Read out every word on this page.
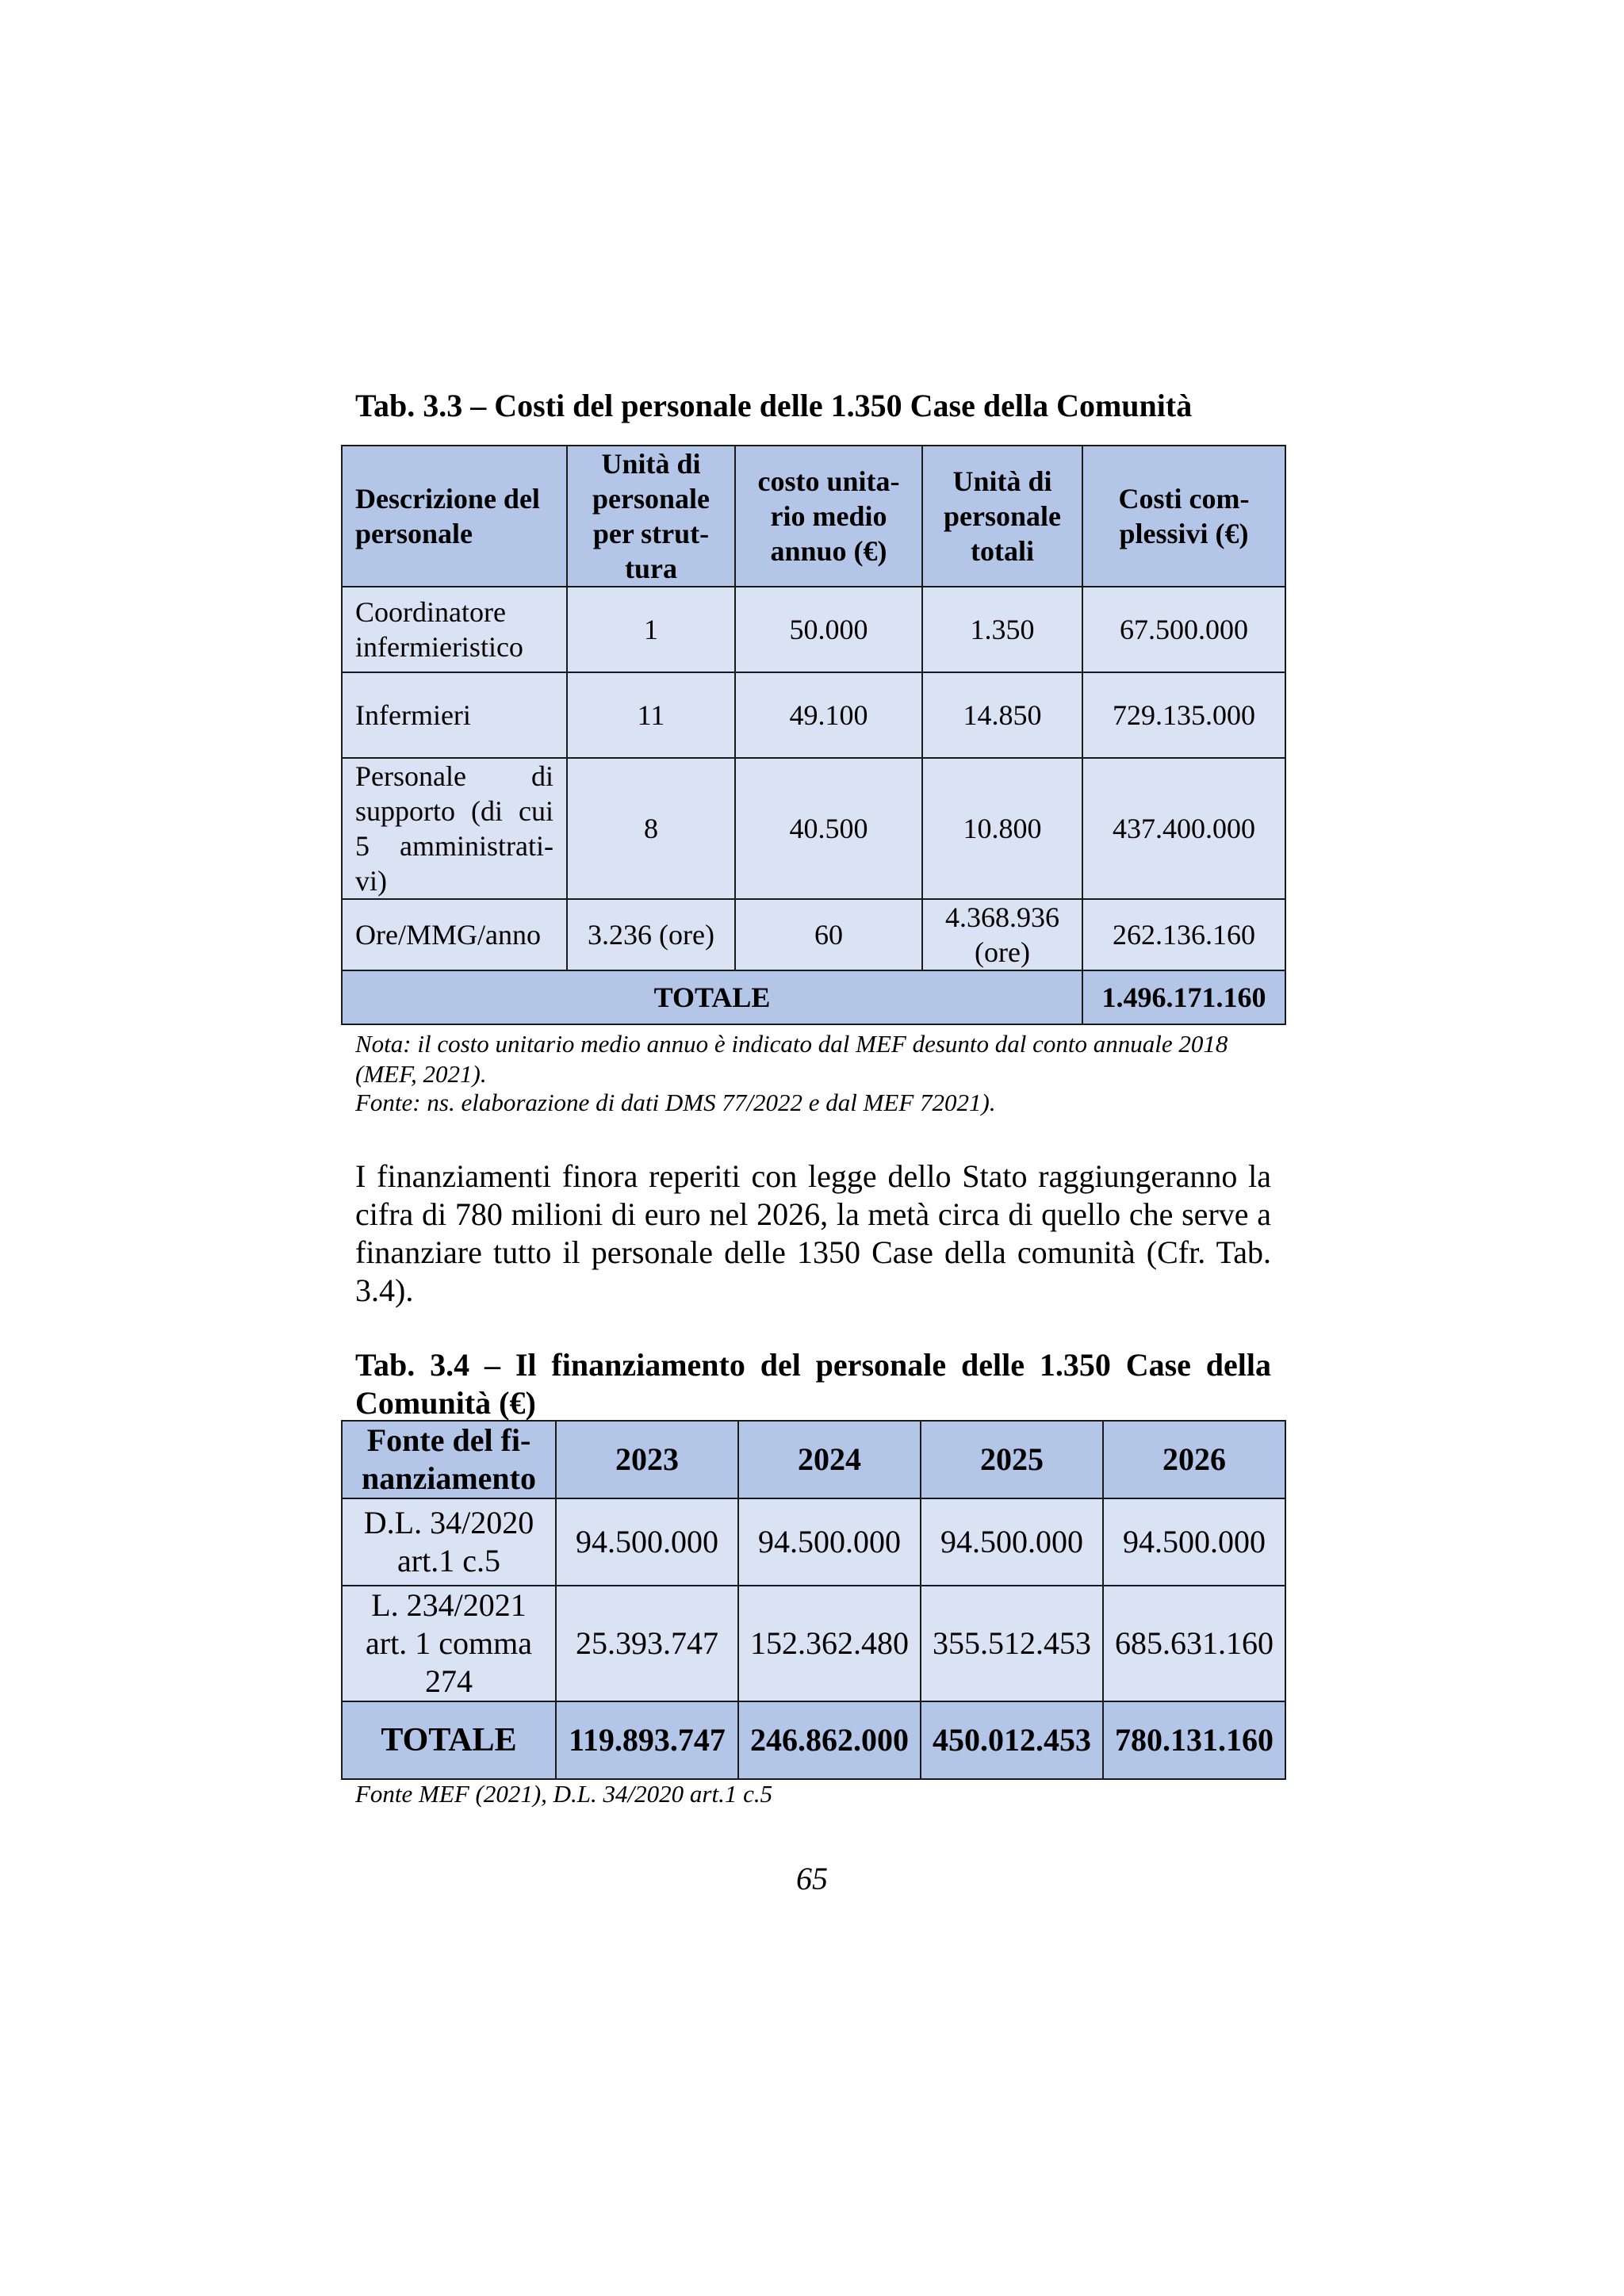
Tab. 3.3 – Costi del personale delle 1.350 Case della Comunità
Descrizione del personale	Unità di personale per strut-tura	costo unita-rio medio annuo (€)	Unità di personale totali	Costi com-plessivi (€)
Coordinatore infermieristico	1	50.000	1.350	67.500.000
Infermieri	11	49.100	14.850	729.135.000
Personale di supporto (di cui 5 amministrati-vi)	8	40.500	10.800	437.400.000
Ore/MMG/anno	3.236 (ore)	60	4.368.936 (ore)	262.136.160
TOTALE				1.496.171.160
Nota: il costo unitario medio annuo è indicato dal MEF desunto dal conto annuale 2018 (MEF, 2021).
Fonte: ns. elaborazione di dati DMS 77/2022 e dal MEF 72021).
I finanziamenti finora reperiti con legge dello Stato raggiungeranno la cifra di 780 milioni di euro nel 2026, la metà circa di quello che serve a finanziare tutto il personale delle 1350 Case della comunità (Cfr. Tab. 3.4).
Tab. 3.4 – Il finanziamento del personale delle 1.350 Case della Comunità (€)
Fonte del fi-nanziamento	2023	2024	2025	2026
D.L. 34/2020 art.1 c.5	94.500.000	94.500.000	94.500.000	94.500.000
L. 234/2021 art. 1 comma 274	25.393.747	152.362.480	355.512.453	685.631.160
TOTALE	119.893.747	246.862.000	450.012.453	780.131.160
Fonte MEF (2021), D.L. 34/2020 art.1 c.5
65
